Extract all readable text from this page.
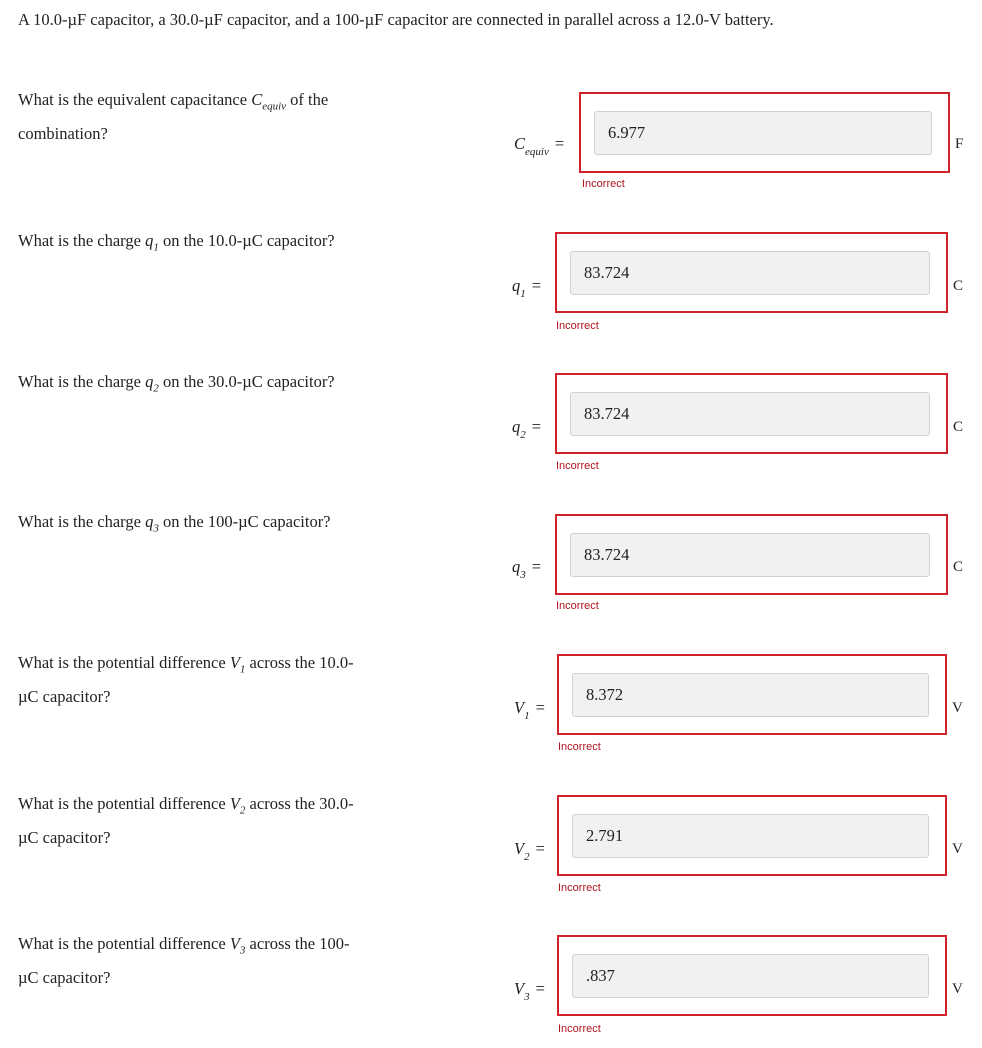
A 10.0-µF capacitor, a 30.0-µF capacitor, and a 100-µF capacitor are connected in parallel across a 12.0-V battery.
What is the equivalent capacitance $C_{equiv}$ of the combination?
$C_{equiv}$ =
6.977	F
Incorrect
What is the charge $q_1$ on the 10.0-µC capacitor?
$q_1$ =
83.724	C
Incorrect
What is the charge $q_2$ on the 30.0-µC capacitor?
$q_2$ =
83.724	C
Incorrect
What is the charge $q_3$ on the 100-µC capacitor?
$q_3$ =
83.724	C
Incorrect
What is the potential difference $V_1$ across the 10.0-µC capacitor?
$V_1$ =
8.372	V
Incorrect
What is the potential difference $V_2$ across the 30.0-µC capacitor?
$V_2$ =
2.791	V
Incorrect
What is the potential difference $V_3$ across the 100-µC capacitor?
$V_3$ =
.837	V
Incorrect
